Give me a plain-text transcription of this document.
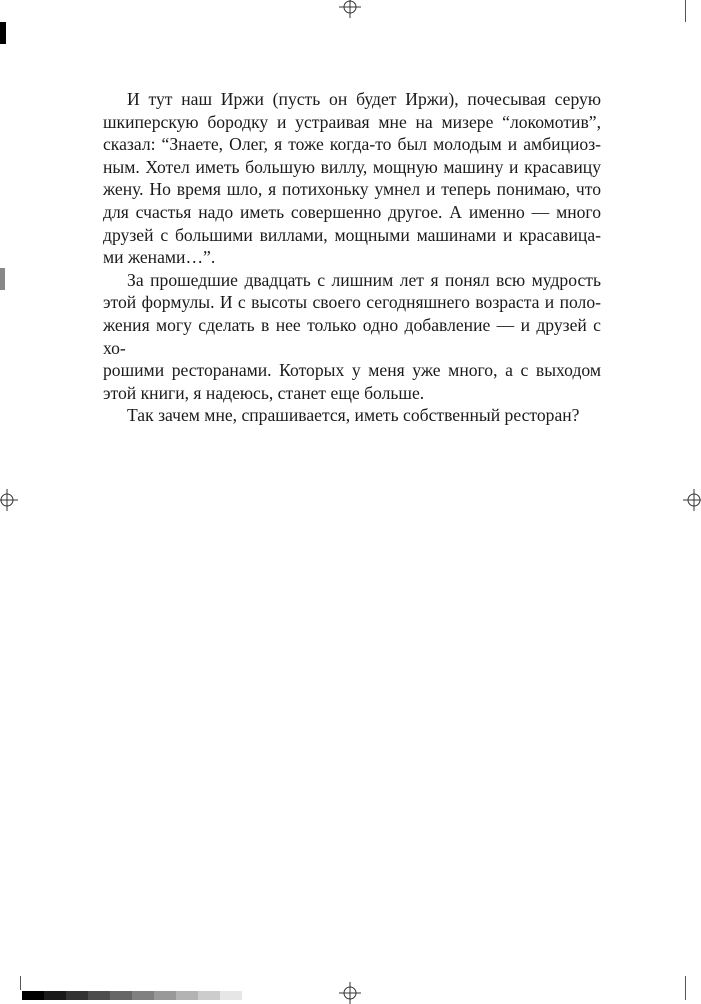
И тут наш Иржи (пусть он будет Иржи), почесывая серую
шкиперскую бородку и устраивая мне на мизере “локомотив”,
сказал: “Знаете, Олег, я тоже когда-то был молодым и амбициоз-
ным. Хотел иметь большую виллу, мощную машину и красавицу
жену. Но время шло, я потихоньку умнел и теперь понимаю, что
для счастья надо иметь совершенно другое. А именно — много
друзей с большими виллами, мощными машинами и красавица-
ми женами…”.

За прошедшие двадцать с лишним лет я понял всю мудрость
этой формулы. И с высоты своего сегодняшнего возраста и поло-
жения могу сделать в нее только одно добавление — и друзей с хо-
рошими ресторанами. Которых у меня уже много, а с выходом
этой книги, я надеюсь, станет еще больше.

Так зачем мне, спрашивается, иметь собственный ресторан?
